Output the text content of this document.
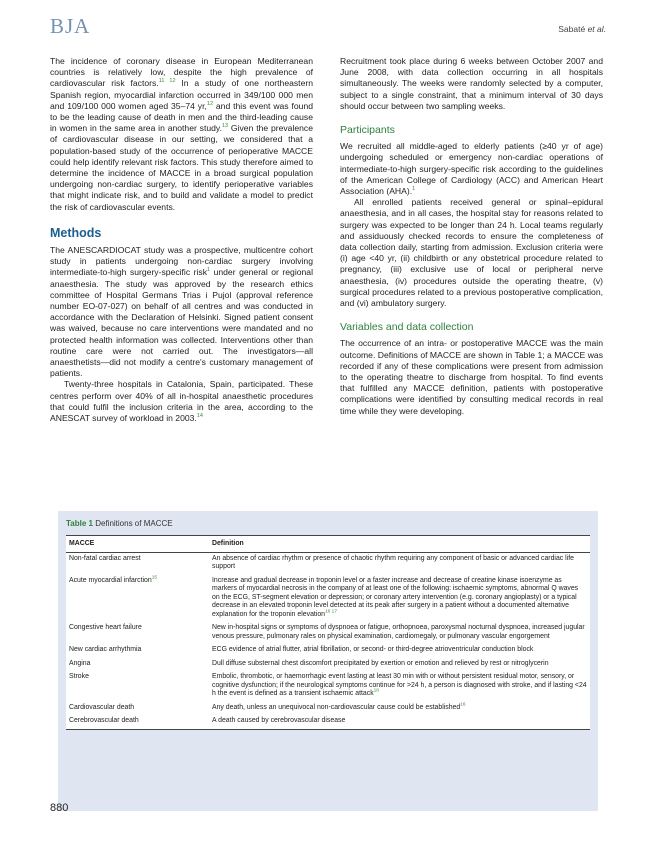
BJA	Sabaté et al.

The incidence of coronary disease in European Mediterranean countries is relatively low, despite the high prevalence of cardiovascular risk factors.$^{11 12}$ In a study of one northeastern Spanish region, myocardial infarction occurred in 349/100 000 men and 109/100 000 women aged 35–74 yr,$^{12}$ and this event was found to be the leading cause of death in men and the third-leading cause in women in the same area in another study.$^{13}$ Given the prevalence of cardiovascular disease in our setting, we considered that a population-based study of the occurrence of perioperative MACCE could help identify relevant risk factors. This study therefore aimed to determine the incidence of MACCE in a broad surgical population undergoing non-cardiac surgery, to identify perioperative variables that might indicate risk, and to build and validate a model to predict the risk of cardiovascular events.

Methods

The ANESCARDIOCAT study was a prospective, multicentre cohort study in patients undergoing non-cardiac surgery involving intermediate-to-high surgery-specific risk$^1$ under general or regional anaesthesia. The study was approved by the research ethics committee of Hospital Germans Trias i Pujol (approval reference number EO-07-027) on behalf of all centres and was conducted in accordance with the Declaration of Helsinki. Signed patient consent was waived, because no care interventions were mandated and no protected health information was collected. Interventions other than routine care were not carried out. The investigators—all anaesthetists—did not modify a centre's customary management of patients.

Twenty-three hospitals in Catalonia, Spain, participated. These centres perform over 40% of all in-hospital anaesthetic procedures that could fulfil the inclusion criteria in the area, according to the ANESCAT survey of workload in 2003.14

Recruitment took place during 6 weeks between October 2007 and June 2008, with data collection occurring in all hospitals simultaneously. The weeks were randomly selected by a computer, subject to a single constraint, that a minimum interval of 30 days should occur between two sampling weeks.

Participants

We recruited all middle-aged to elderly patients (≥40 yr of age) undergoing scheduled or emergency non-cardiac operations of intermediate-to-high surgery-specific risk according to the guidelines of the American College of Cardiology (ACC) and American Heart Association (AHA).$^1$

All enrolled patients received general or spinal–epidural anaesthesia, and in all cases, the hospital stay for reasons related to surgery was expected to be longer than 24 h. Local teams regularly and assiduously checked records to ensure the completeness of data collection daily, starting from admission. Exclusion criteria were (i) age <40 yr, (ii) childbirth or any obstetrical procedure related to pregnancy, (iii) exclusive use of local or peripheral nerve anaesthesia, (iv) procedures outside the operating theatre, (v) surgical procedures related to a previous postoperative complication, and (vi) ambulatory surgery.

Variables and data collection

The occurrence of an intra- or postoperative MACCE was the main outcome. Definitions of MACCE are shown in Table 1; a MACCE was recorded if any of these complications were present from admission to the operating theatre to discharge from hospital. To find events that fulfilled any MACCE definition, patients with postoperative complications were identified by consulting medical records in real time while they were developing.

Table 1 Definitions of MACCE
MACCE	Definition
Non-fatal cardiac arrest	An absence of cardiac rhythm or presence of chaotic rhythm requiring any component of basic or advanced cardiac life support
Acute myocardial infarction$^{15}$	Increase and gradual decrease in troponin level or a faster increase and decrease of creatine kinase isoenzyme as markers of myocardial necrosis in the company of at least one of the following: ischaemic symptoms, abnormal Q waves on the ECG, ST-segment elevation or depression; or coronary artery intervention (e.g. coronary angioplasty) or a typical decrease in an elevated troponin level detected at its peak after surgery in a patient without a documented alternative explanation for the troponin elevation$^{16 17}$
Congestive heart failure	New in-hospital signs or symptoms of dyspnoea or fatigue, orthopnoea, paroxysmal nocturnal dyspnoea, increased jugular venous pressure, pulmonary rales on physical examination, cardiomegaly, or pulmonary vascular engorgement
New cardiac arrhythmia	ECG evidence of atrial flutter, atrial fibrillation, or second- or third-degree atrioventricular conduction block
Angina	Dull diffuse substernal chest discomfort precipitated by exertion or emotion and relieved by rest or nitroglycerin
Stroke	Embolic, thrombotic, or haemorrhagic event lasting at least 30 min with or without persistent residual motor, sensory, or cognitive dysfunction; if the neurological symptoms continue for >24 h, a person is diagnosed with stroke, and if lasting <24 h the event is defined as a transient ischaemic attack$^{18}$
Cardiovascular death	Any death, unless an unequivocal non-cardiovascular cause could be established$^{16}$
Cerebrovascular death	A death caused by cerebrovascular disease
880
